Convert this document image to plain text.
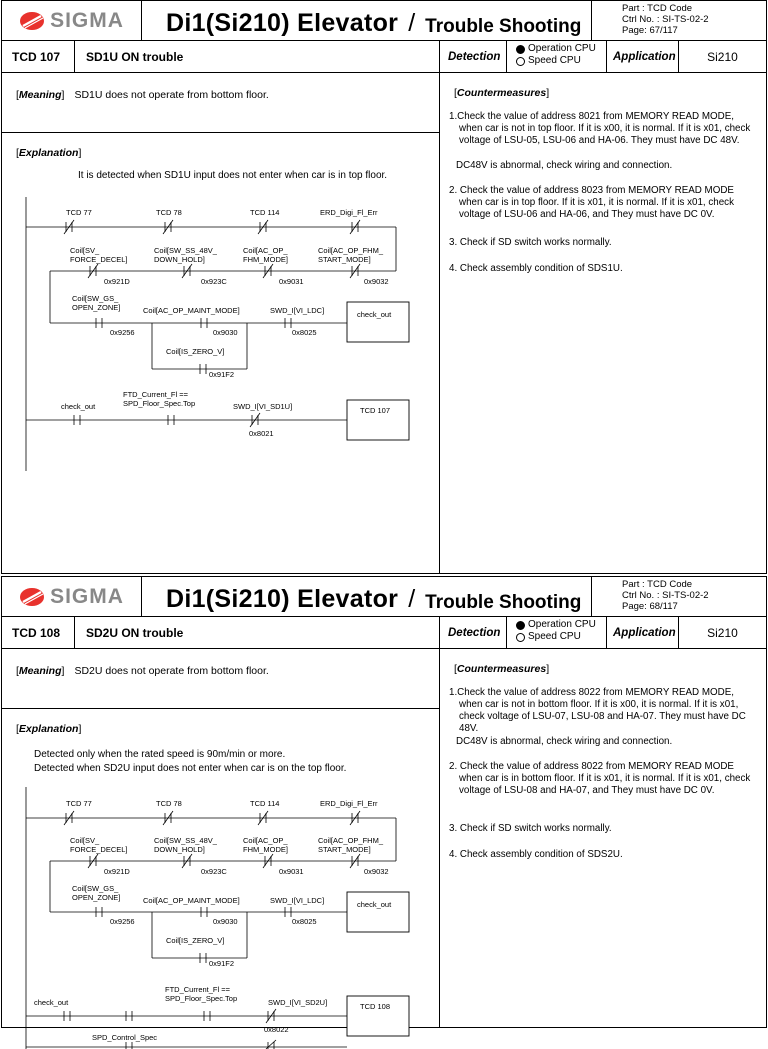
SIGMA Di1(Si210) Elevator / Trouble Shooting
Part : TCD Code
Ctrl No. : SI-TS-02-2
Page: 67/117
TCD 107	SD1U ON trouble	Detection
Operation CPU
Speed CPU	Application	Si210
[Meaning] SD1U does not operate from bottom floor.
[Explanation]
It is detected when SD1U input does not enter when car is in top floor.
TCD 77	TCD 78	TCD 114	ERD_Digi_Fl_Err
Coil[SV_
FORCE_DECEL]
0x921D
Coil[SW_SS_48V_
DOWN_HOLD]
0x923C
Coil[AC_OP_
FHM_MODE]
0x9031
Coil[AC_OP_FHM_
START_MODE]
0x9032
Coil[SW_GS_
OPEN_ZONE]
0x9256
Coil[AC_OP_MAINT_MODE]
0x9030
SWD_I[VI_LDC]
0x8025
check_out
Coil[IS_ZERO_V]
0x91F2
check_out
FTD_Current_Fl ==
SPD_Floor_Spec.Top	SWD_I[VI_SD1U]
0x8021
TCD 107
[Countermeasures]

1.Check the value of address 8021 from MEMORY READ MODE, when car is not in top floor. If it is x00, it is normal. If it is x01, check voltage of LSU-05, LSU-06 and HA-06. They must have DC 48V.

DC48V is abnormal, check wiring and connection.

2. Check the value of address 8023 from MEMORY READ MODE when car is in top floor. If it is x01, it is normal. If it is x01, check voltage of LSU-06 and HA-06, and They must have DC 0V.

3. Check if SD switch works normally.

4. Check assembly condition of SDS1U.

SIGMA Di1(Si210) Elevator / Trouble Shooting
Part : TCD Code
Ctrl No. : SI-TS-02-2
Page: 68/117
TCD 108	SD2U ON trouble	Detection
Operation CPU
Speed CPU	Application	Si210
[Meaning] SD2U does not operate from bottom floor.
[Explanation]
Detected only when the rated speed is 90m/min or more.
Detected when SD2U input does not enter when car is on the top floor.
TCD 77	TCD 78	TCD 114	ERD_Digi_Fl_Err
Coil[SV_
FORCE_DECEL]
0x921D
Coil[SW_SS_48V_
DOWN_HOLD]
0x923C
Coil[AC_OP_
FHM_MODE]
0x9031
Coil[AC_OP_FHM_
START_MODE]
0x9032
Coil[SW_GS_
OPEN_ZONE]
0x9256
Coil[AC_OP_MAINT_MODE]
0x9030
SWD_I[VI_LDC]
0x8025
check_out
Coil[IS_ZERO_V]
0x91F2
check_out
FTD_Current_Fl ==
SPD_Floor_Spec.Top	SWD_I[VI_SD2U]
0x8022
TCD 108
SPD_Control_Spec
[Countermeasures]

1.Check the value of address 8022 from MEMORY READ MODE, when car is not in bottom floor. If it is x00, it is normal. If it is x01, check voltage of LSU-07, LSU-08 and HA-07. They must have DC 48V.

DC48V is abnormal, check wiring and connection.

2. Check the value of address 8022 from MEMORY READ MODE when car is in bottom floor. If it is x01, it is normal. If it is x01, check voltage of LSU-08 and HA-07, and They must have DC 0V.

3. Check if SD switch works normally.

4. Check assembly condition of SDS2U.
